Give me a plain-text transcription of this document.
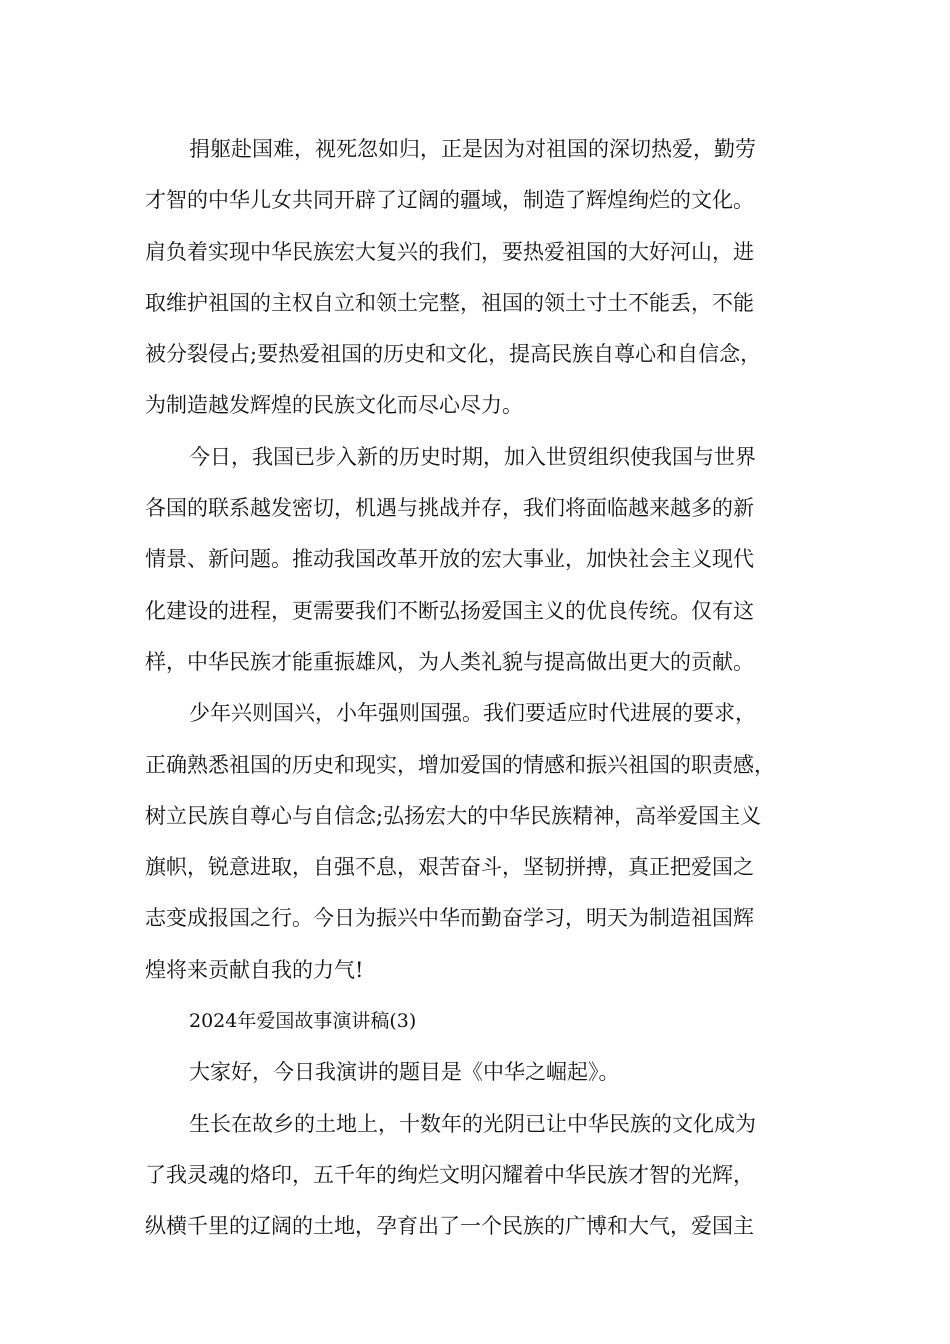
捐躯赴国难，视死忽如归，正是因为对祖国的深切热爱，勤劳
才智的中华儿女共同开辟了辽阔的疆域，制造了辉煌绚烂的文化。
肩负着实现中华民族宏大复兴的我们，要热爱祖国的大好河山，进
取维护祖国的主权自立和领土完整，祖国的领土寸土不能丢，不能
被分裂侵占;要热爱祖国的历史和文化，提高民族自尊心和自信念，
为制造越发辉煌的民族文化而尽心尽力。
今日，我国已步入新的历史时期，加入世贸组织使我国与世界
各国的联系越发密切，机遇与挑战并存，我们将面临越来越多的新
情景、新问题。推动我国改革开放的宏大事业，加快社会主义现代
化建设的进程，更需要我们不断弘扬爱国主义的优良传统。仅有这
样，中华民族才能重振雄风，为人类礼貌与提高做出更大的贡献。
少年兴则国兴，小年强则国强。我们要适应时代进展的要求，
正确熟悉祖国的历史和现实，增加爱国的情感和振兴祖国的职责感，
树立民族自尊心与自信念;弘扬宏大的中华民族精神，高举爱国主义
旗帜，锐意进取，自强不息，艰苦奋斗，坚韧拼搏，真正把爱国之
志变成报国之行。今日为振兴中华而勤奋学习，明天为制造祖国辉
煌将来贡献自我的力气!
2024年爱国故事演讲稿(3)
大家好，今日我演讲的题目是《中华之崛起》。
生长在故乡的土地上，十数年的光阴已让中华民族的文化成为
了我灵魂的烙印，五千年的绚烂文明闪耀着中华民族才智的光辉，
纵横千里的辽阔的土地，孕育出了一个民族的广博和大气，爱国主
